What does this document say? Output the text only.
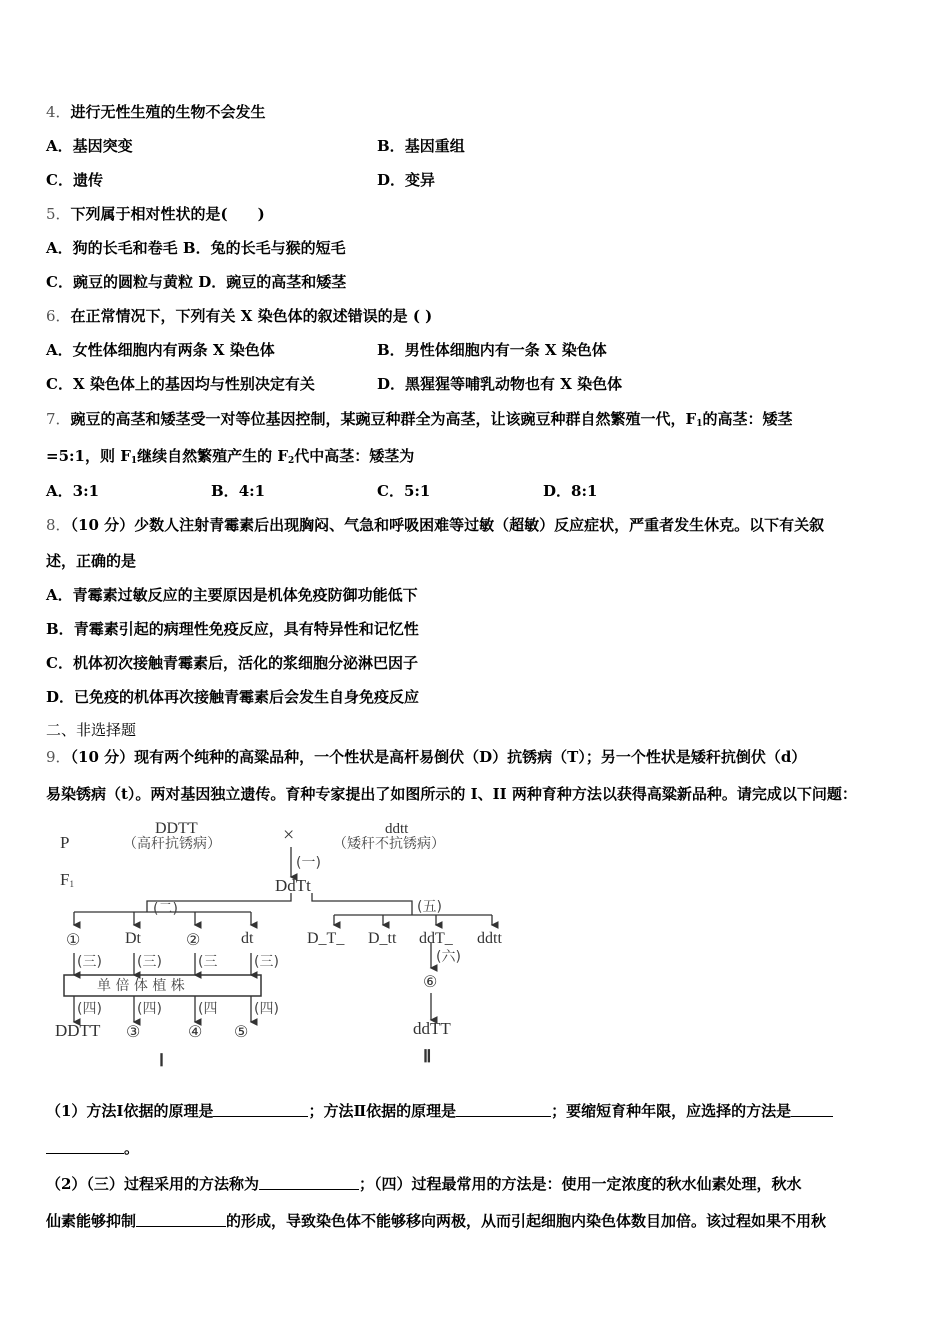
4．进行无性生殖的生物不会发生
A．基因突变	B．基因重组
C．遗传	D．变异
5．下列属于相对性状的是(　　)
A．狗的长毛和卷毛 B．兔的长毛与猴的短毛
C．豌豆的圆粒与黄粒 D．豌豆的高茎和矮茎
6．在正常情况下，下列有关 X 染色体的叙述错误的是 ( )
A．女性体细胞内有两条 X 染色体	B．男性体细胞内有一条 X 染色体
C．X 染色体上的基因均与性别决定有关	D．黑猩猩等哺乳动物也有 X 染色体
7．豌豆的高茎和矮茎受一对等位基因控制，某豌豆种群全为高茎，让该豌豆种群自然繁殖一代，$F_1$的高茎：矮茎
=5:1，则 $F_1$继续自然繁殖产生的 $F_2$代中高茎：矮茎为
A．3:1	B．4:1	C．5:1	D．8:1
8．（10 分）少数人注射青霉素后出现胸闷、气急和呼吸困难等过敏（超敏）反应症状，严重者发生休克。以下有关叙
述，正确的是
A．青霉素过敏反应的主要原因是机体免疫防御功能低下
B．青霉素引起的病理性免疫反应，具有特异性和记忆性
C．机体初次接触青霉素后，活化的浆细胞分泌淋巴因子
D．已免疫的机体再次接触青霉素后会发生自身免疫反应
二、非选择题
9．（10 分）现有两个纯种的高粱品种，一个性状是高杆易倒伏（D）抗锈病（T）；另一个性状是矮秆抗倒伏（d）
易染锈病（t）。两对基因独立遗传。育种专家提出了如图所示的 I、II 两种育种方法以获得高粱新品种。请完成以下问题：
P
$F_1$
DDTT
（高秆抗锈病）	×	ddtt
（矮秆不抗锈病）
(一)
DdTt
(二)	(五)
①	Dt	②	dt	D_T_ D_tt ddT_ ddtt
(三)	(三)	(三	(三)
单 倍 体 植 株
(四)	(四)	(四	(四)
DDTT ③	④ ⑤
(六)
⑥
ddTT
Ⅰ	Ⅱ
（1）方法Ⅰ依据的原理是	；方法Ⅱ依据的原理是	；要缩短育种年限，应选择的方法是
。
（2）（三）过程采用的方法称为	；（四）过程最常用的方法是：使用一定浓度的秋水仙素处理，秋水
仙素能够抑制	的形成，导致染色体不能够移向两极，从而引起细胞内染色体数目加倍。该过程如果不用秋
